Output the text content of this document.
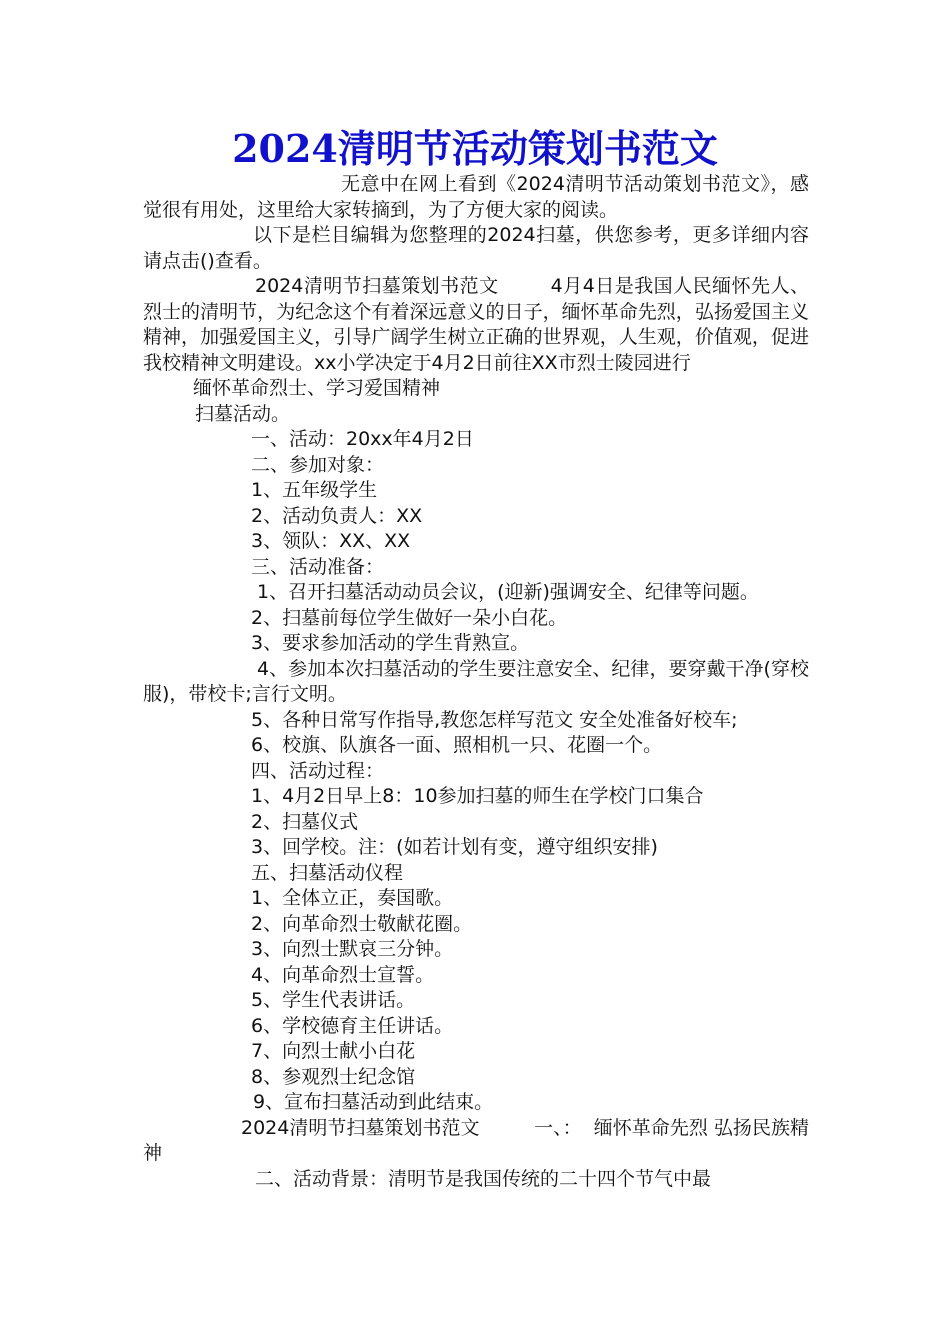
2024清明节活动策划书范文

无意中在网上看到《2024清明节活动策划书范文》，感觉很有用处，这里给大家转摘到，为了方便大家的阅读。

以下是栏目编辑为您整理的2024扫墓，供您参考，更多详细内容请点击()查看。

2024清明节扫墓策划书范文        4月4日是我国人民缅怀先人、烈士的清明节，为纪念这个有着深远意义的日子，缅怀革命先烈，弘扬爱国主义精神，加强爱国主义，引导广阔学生树立正确的世界观，人生观，价值观，促进我校精神文明建设。xx小学决定于4月2日前往XX市烈士陵园进行

缅怀革命烈士、学习爱国精神

扫墓活动。

一、活动：20xx年4月2日

二、参加对象：

1、五年级学生

2、活动负责人：XX

3、领队：XX、XX

三、活动准备：

1、召开扫墓活动动员会议，(迎新)强调安全、纪律等问题。

2、扫墓前每位学生做好一朵小白花。

3、要求参加活动的学生背熟宣。

4、参加本次扫墓活动的学生要注意安全、纪律，要穿戴干净(穿校服)，带校卡;言行文明。

5、各种日常写作指导,教您怎样写范文 安全处准备好校车;

6、校旗、队旗各一面、照相机一只、花圈一个。

四、活动过程：

1、4月2日早上8：10参加扫墓的师生在学校门口集合

2、扫墓仪式

3、回学校。注：(如若计划有变，遵守组织安排)

五、扫墓活动仪程

1、全体立正，奏国歌。

2、向革命烈士敬献花圈。

3、向烈士默哀三分钟。

4、向革命烈士宣誓。

5、学生代表讲话。

6、学校德育主任讲话。

7、向烈士献小白花

8、参观烈士纪念馆

9、宣布扫墓活动到此结束。

2024清明节扫墓策划书范文         一、：  缅怀革命先烈 弘扬民族精神

二、活动背景：清明节是我国传统的二十四个节气中最
